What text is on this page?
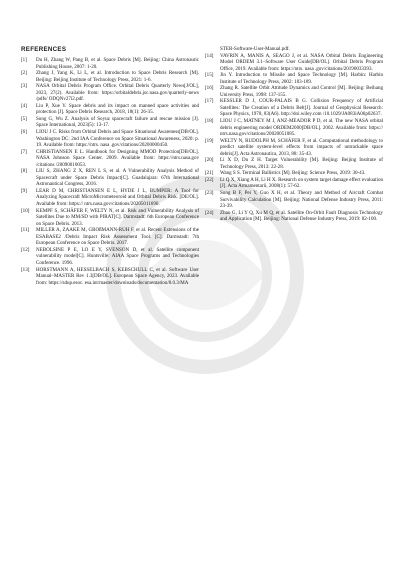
REFERENCES
[1]	Du H, Zhang W, Pang B, et al. Space Debris [M]. Beijing: China Astronautic Publishing House, 2007: 1-20.
[2]	Zhang J, Yang K, Li L, et al. Introduction to Space Debris Research [M]. Beijing: Beijing Institute of Technology Press, 2021: 1-6.
[3]	NASA Orbital Debris Program Office. Orbital Debris Quarterly News[J/OL], 2023, 27(2). Available from: https://orbitaldebris.jsc.nasa.gov/quarterly-news /pdfs/ ODQNv27i2.pdf.
[4]	Liu P, Xue Y. Space debris and its impact on manned space activities and protection [J]. Space Debris Research, 2018, 18(1): 26-35.
[5]	Song G, Wu Z. Analysis of Soyuz spacecraft failure and rescue mission [J]. Space International, 2023(5): 13-17.
[6]	LIOU J C. Risks from Orbital Debris and Space Situational Awareness[DB/OL]. Washington DC: 2nd IAA Conference on Space Situational Awareness, 2020: p. 19. Available from: https://ntrs. nasa .gov/citations/20200000450.
[7]	CHRISTIANSEN E L. Handbook for Designing MMOD Protection[DB/OL]. NASA Johnson Space Center. 2009. Available from: https://ntrs.nasa.gov /citations /20090010053.
[8]	LIU S, ZHANG Z X, REN L S, et al. A Vulnerability Analysis Method of Spacecraft under Space Debris Impact[C]. Guadalajara: 67th International Astronautical Congress, 2016.
[9]	LEAR D M, CHRISTIANSEN E L, HYDE J L, BUMPER: A Tool for Analyzing Spacecraft MicroMicrometeoroid and Orbital Debris Risk. [DE/OL]. Available from: https:// ntrs.nasa.gov/citations/20205011690.
[10]	KEMPF S, SCHÄFER F, WELTY N, et al. Risk and Vulnerability Analysis of Satellites Due to MM/SD with PIRAT[C]. Darmstadt: 6th European Conference on Space Debris. 2013.
[11]	MILLER A, ZAAKE M, GROßMANN-RUH F, et al. Recent Extensions of the ESABASE2 /Debris Impact Risk Assessment Tool. [C]. Darmstadt: 7th European Conference on Space Debris. 2017.
[12]	NEBOLSINE P E, LO E Y, SVENSON D, et al. Satellite component vulnerability model[C]. Huntsville: AIAA Space Programs and Technologies Conference. 1996.
[13]	HORSTMANN A, HESSELBACH S, KEBSCHULL C, et al. Software User Manual–MASTER Rev 1.3[DB/OL]. European Space Agency, 2023. Available from: https://sdup.esoc. esa.int/master/downloads/documentation/8.0.3/MA
STER-Software-User-Manual.pdf.
[14]	VAVRIN A, MANIS A, SEAGO J, et al. NASA Orbital Debris Engineering Model ORDEM 3.1–Software User Guide[DB/OL]. Orbital Debris Program Office, 2019. Available from: https://ntrs. nasa .gov/citations/20190033393.
[15]	Jin Y. Introduction to Missile and Space Technology [M]. Harbin: Harbin Institute of Technology Press, 2002: 183-189.
[16]	Zhang R. Satellite Orbit Attitude Dynamics and Control [M]. Beijing: Beihang University Press, 1998: 137-155.
[17]	KESSLER D J, COUR-PALAIS B G. Collision Frequency of Artificial Satellites: The Creation of a Debris Belt[J]. Journal of Geophysical Research: Space Physics, 1978, 83(A6). http://doi.wiley.com /10.1029/JA083iA06p02637.
[18]	LIOU J C, MATNEY M J, ANZ-MEADOR P D, et al. The new NASA orbital debris engineering model ORDEM2000[DB/OL]. 2002. Available from: https:// ntrs.nasa.gov/citations/20020051085.
[19]	WELTY N, RUDOLPH M, SCHÄFER F, et al. Computational methodology to predict satellite system-level effects from impacts of untrackable space debris[J]. Acta Astronautica, 2013, 88: 35-43.
[20]	Li X D, Du Z H. Target Vulnerability [M]. Beijing: Beijing Institute of Technology Press, 2013: 22-28.
[21]	Wang S S. Terminal Ballistics [M]. Beijing: Science Press, 2019: 30-43.
[22]	Li Q X, Xiang A H, Li H X. Research on system target damage effect evaluation [J]. Acta Armamentarii, 2008(1): 57-62.
[23]	Song B F, Pei Y, Guo X H, et al. Theory and Method of Aircraft Combat Survivability Calculation [M]. Beijing: National Defense Industry Press, 2011: 23-39.
[24]	Zhao G, Li Y Q, Xu M Q, et al. Satellite On-Orbit Fault Diagnosis Technology and Application [M]. Beijing: National Defense Industry Press, 2019: 82-100.
